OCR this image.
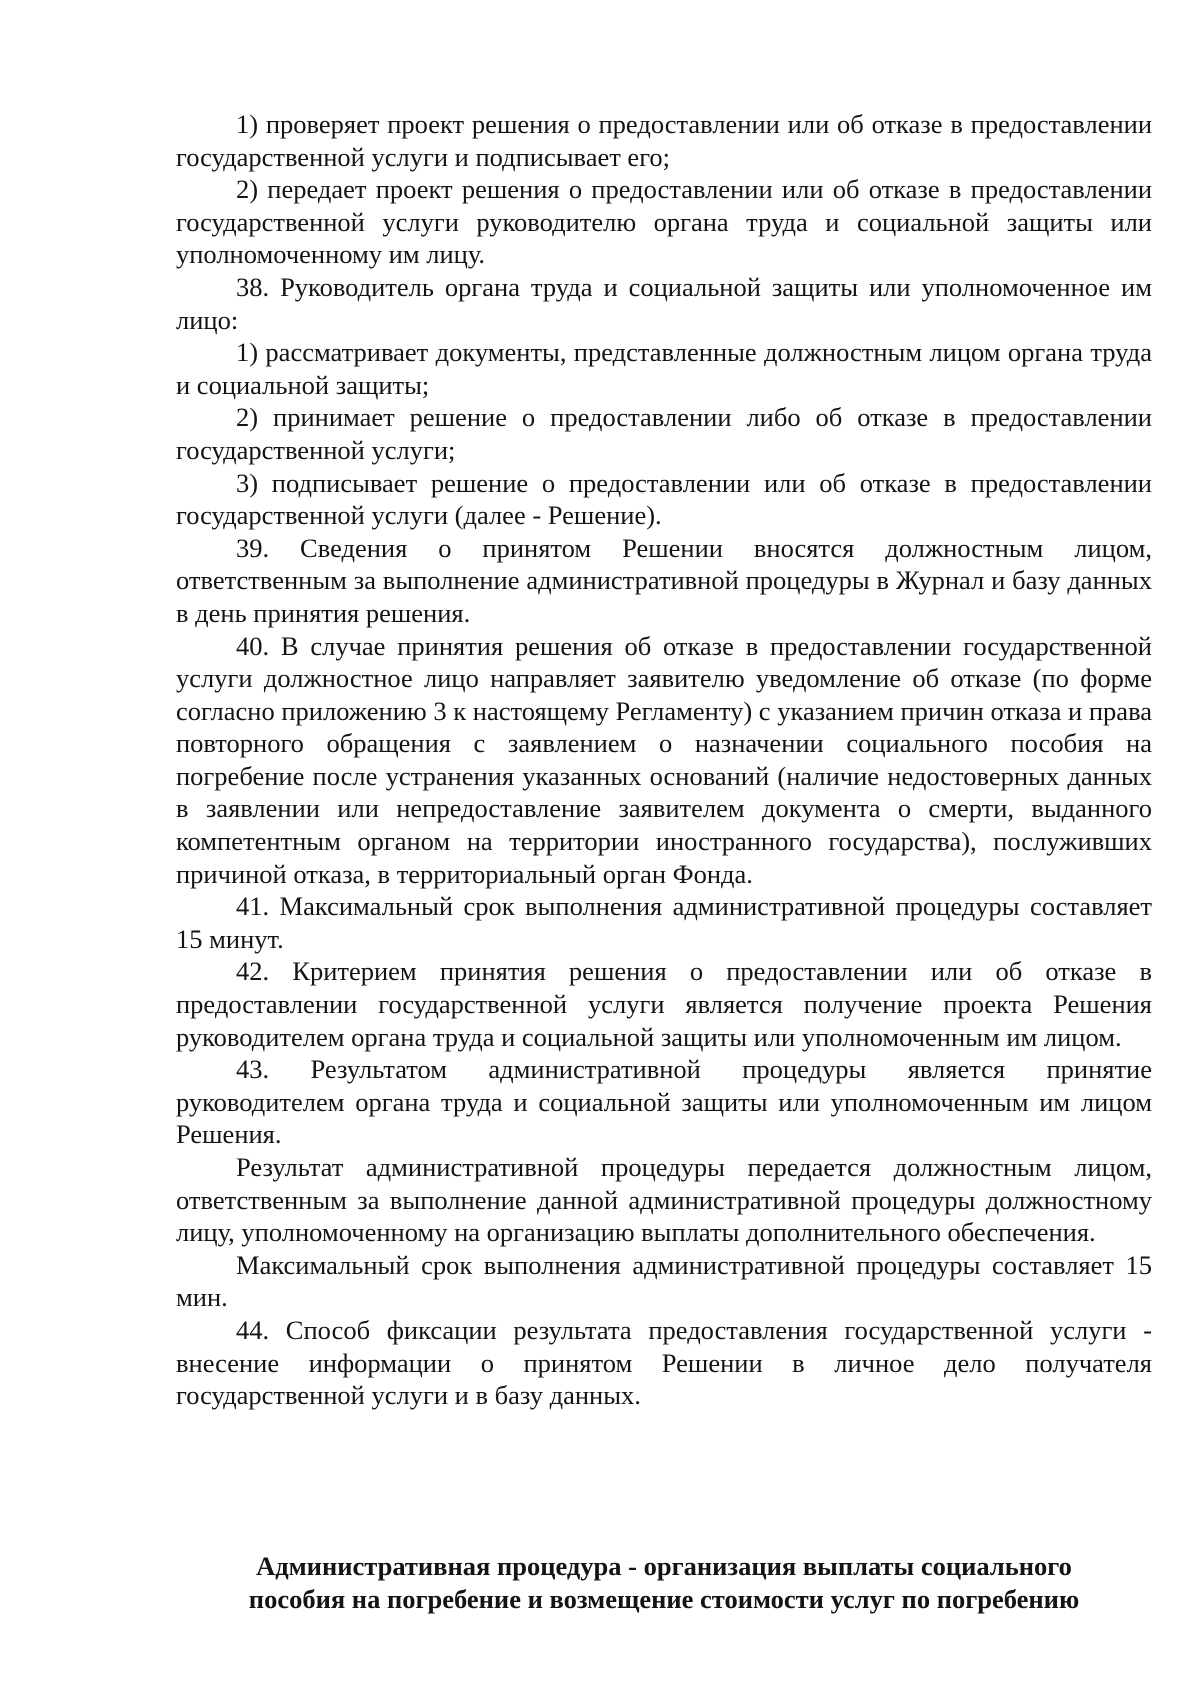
1) проверяет проект решения о предоставлении или об отказе в предоставлении государственной услуги и подписывает его;

2) передает проект решения о предоставлении или об отказе в предоставлении государственной услуги руководителю органа труда и социальной защиты или уполномоченному им лицу.

38. Руководитель органа труда и социальной защиты или уполномоченное им лицо:

1) рассматривает документы, представленные должностным лицом органа труда и социальной защиты;

2) принимает решение о предоставлении либо об отказе в предоставлении государственной услуги;

3) подписывает решение о предоставлении или об отказе в предоставлении государственной услуги (далее - Решение).

39. Сведения о принятом Решении вносятся должностным лицом, ответственным за выполнение административной процедуры в Журнал и базу данных в день принятия решения.

40. В случае принятия решения об отказе в предоставлении государственной услуги должностное лицо направляет заявителю уведомление об отказе (по форме согласно приложению 3 к настоящему Регламенту) с указанием причин отказа и права повторного обращения с заявлением о назначении социального пособия на погребение после устранения указанных оснований (наличие недостоверных данных в заявлении или непредоставление заявителем документа о смерти, выданного компетентным органом на территории иностранного государства), послуживших причиной отказа, в территориальный орган Фонда.

41. Максимальный срок выполнения административной процедуры составляет 15 минут.

42. Критерием принятия решения о предоставлении или об отказе в предоставлении государственной услуги является получение проекта Решения руководителем органа труда и социальной защиты или уполномоченным им лицом.

43. Результатом административной процедуры является принятие руководителем органа труда и социальной защиты или уполномоченным им лицом Решения.

Результат административной процедуры передается должностным лицом, ответственным за выполнение данной административной процедуры должностному лицу, уполномоченному на организацию выплаты дополнительного обеспечения.

Максимальный срок выполнения административной процедуры составляет 15 мин.

44. Способ фиксации результата предоставления государственной услуги - внесение информации о принятом Решении в личное дело получателя государственной услуги и в базу данных.

Административная процедура - организация выплаты социального
пособия на погребение и возмещение стоимости услуг по погребению
